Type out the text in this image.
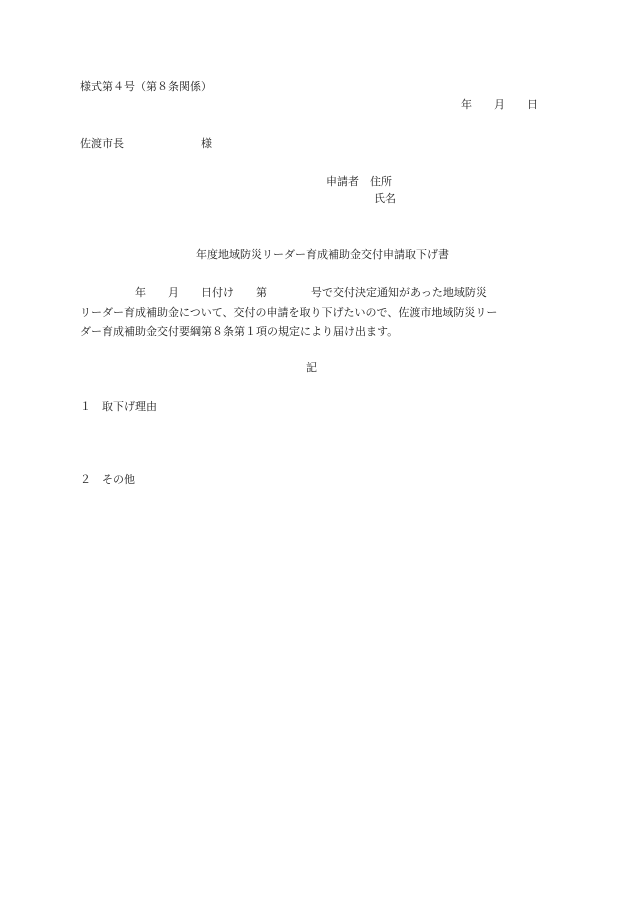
様式第４号（第８条関係）
年　　月　　日
佐渡市長　　　　　　　様
申請者　住所
氏名
年度地域防災リーダー育成補助金交付申請取下げ書
　　　　　年　　月　　日付け　　第　　　　号で交付決定通知があった地域防災
リーダー育成補助金について、交付の申請を取り下げたいので、佐渡市地域防災リー
ダー育成補助金交付要綱第８条第１項の規定により届け出ます。
記
１　取下げ理由
２　その他
